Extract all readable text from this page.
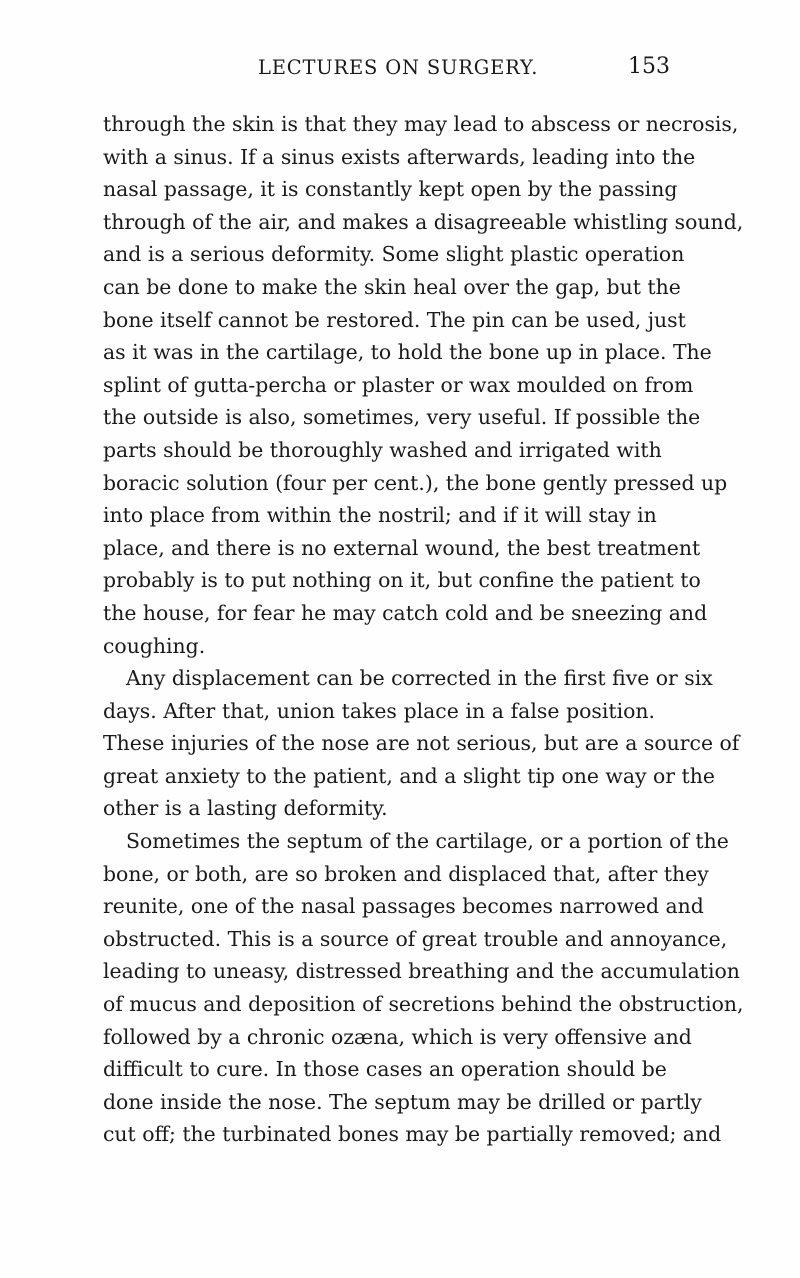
LECTURES ON SURGERY.	153
through the skin is that they may lead to abscess or necrosis,
with a sinus. If a sinus exists afterwards, leading into the
nasal passage, it is constantly kept open by the passing
through of the air, and makes a disagreeable whistling sound,
and is a serious deformity. Some slight plastic operation
can be done to make the skin heal over the gap, but the
bone itself cannot be restored. The pin can be used, just
as it was in the cartilage, to hold the bone up in place. The
splint of gutta-percha or plaster or wax moulded on from
the outside is also, sometimes, very useful. If possible the
parts should be thoroughly washed and irrigated with
boracic solution (four per cent.), the bone gently pressed up
into place from within the nostril; and if it will stay in
place, and there is no external wound, the best treatment
probably is to put nothing on it, but confine the patient to
the house, for fear he may catch cold and be sneezing and
coughing.
Any displacement can be corrected in the first five or six
days. After that, union takes place in a false position.
These injuries of the nose are not serious, but are a source of
great anxiety to the patient, and a slight tip one way or the
other is a lasting deformity.
Sometimes the septum of the cartilage, or a portion of the
bone, or both, are so broken and displaced that, after they
reunite, one of the nasal passages becomes narrowed and
obstructed. This is a source of great trouble and annoyance,
leading to uneasy, distressed breathing and the accumulation
of mucus and deposition of secretions behind the obstruction,
followed by a chronic ozæna, which is very offensive and
difficult to cure. In those cases an operation should be
done inside the nose. The septum may be drilled or partly
cut off; the turbinated bones may be partially removed; and
